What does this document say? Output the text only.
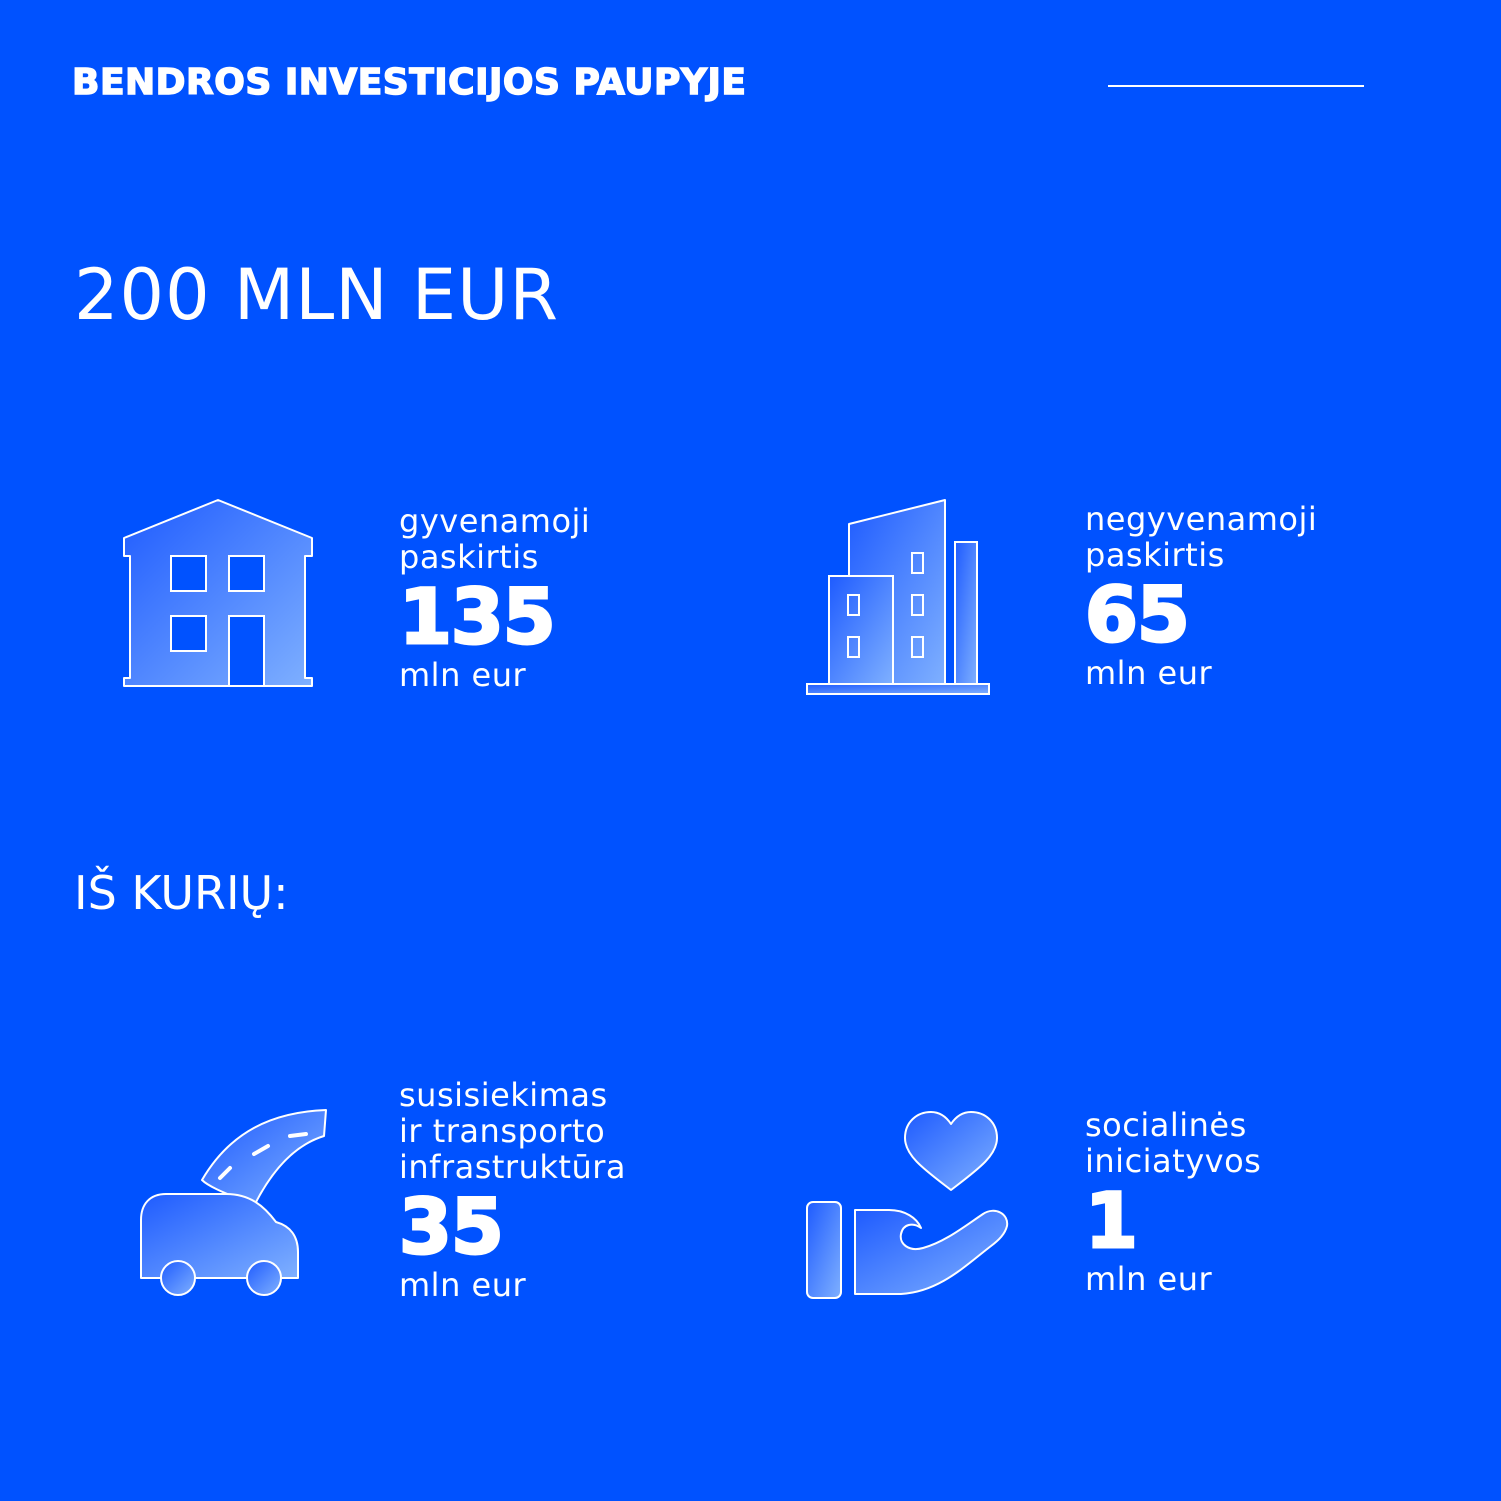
BENDROS INVESTICIJOS PAUPYJE
200 MLN EUR
gyvenamoji
paskirtis
135
mln eur
negyvenamoji
paskirtis
65
mln eur
IŠ KURIŲ:
susisiekimas
ir transporto
infrastruktūra
35
mln eur
socialinės
iniciatyvos
1
mln eur
